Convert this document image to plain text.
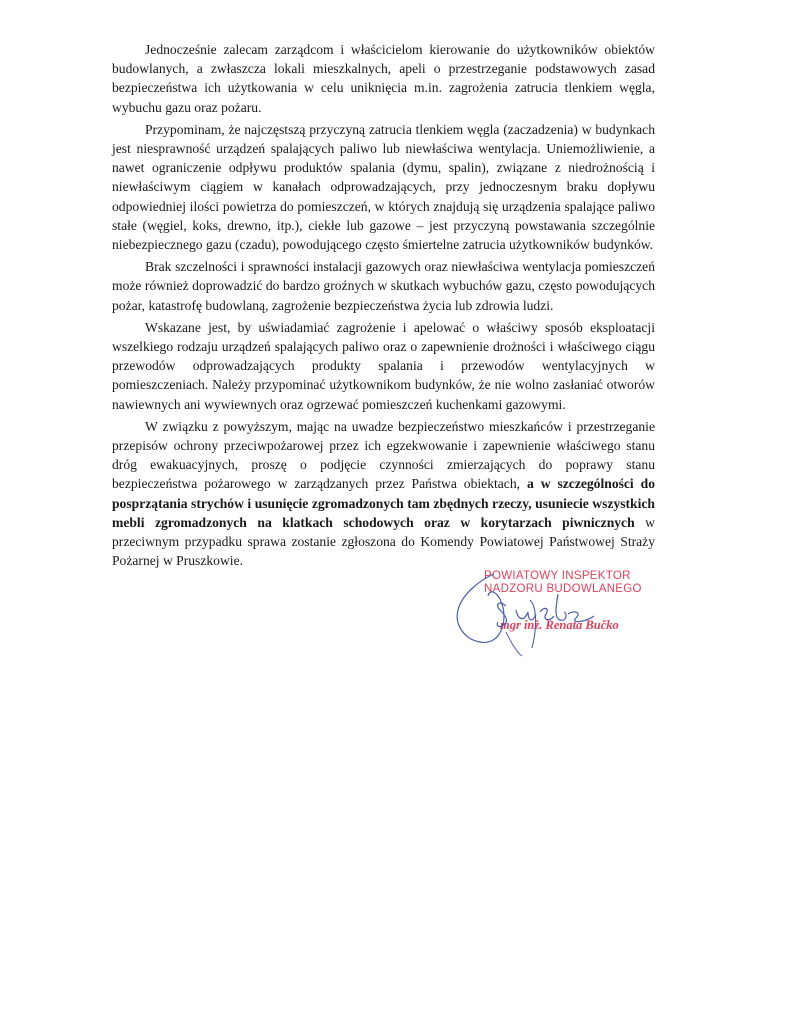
Jednocześnie zalecam zarządcom i właścicielom kierowanie do użytkowników obiektów budowlanych, a zwłaszcza lokali mieszkalnych, apeli o przestrzeganie podstawowych zasad bezpieczeństwa ich użytkowania w celu uniknięcia m.in. zagrożenia zatrucia tlenkiem węgla, wybuchu gazu oraz pożaru.

Przypominam, że najczęstszą przyczyną zatrucia tlenkiem węgla (zaczadzenia) w budynkach jest niesprawność urządzeń spalających paliwo lub niewłaściwa wentylacja. Uniemożliwienie, a nawet ograniczenie odpływu produktów spalania (dymu, spalin), związane z niedrożnością i niewłaściwym ciągiem w kanałach odprowadzających, przy jednoczesnym braku dopływu odpowiedniej ilości powietrza do pomieszczeń, w których znajdują się urządzenia spalające paliwo stałe (węgiel, koks, drewno, itp.), ciekłe lub gazowe – jest przyczyną powstawania szczególnie niebezpiecznego gazu (czadu), powodującego często śmiertelne zatrucia użytkowników budynków.

Brak szczelności i sprawności instalacji gazowych oraz niewłaściwa wentylacja pomieszczeń może również doprowadzić do bardzo groźnych w skutkach wybuchów gazu, często powodujących pożar, katastrofę budowlaną, zagrożenie bezpieczeństwa życia lub zdrowia ludzi.

Wskazane jest, by uświadamiać zagrożenie i apelować o właściwy sposób eksploatacji wszelkiego rodzaju urządzeń spalających paliwo oraz o zapewnienie drożności i właściwego ciągu przewodów odprowadzających produkty spalania i przewodów wentylacyjnych w pomieszczeniach. Należy przypominać użytkownikom budynków, że nie wolno zasłaniać otworów nawiewnych ani wywiewnych oraz ogrzewać pomieszczeń kuchenkami gazowymi.

W związku z powyższym, mając na uwadze bezpieczeństwo mieszkańców i przestrzeganie przepisów ochrony przeciwpożarowej przez ich egzekwowanie i zapewnienie właściwego stanu dróg ewakuacyjnych, proszę o podjęcie czynności zmierzających do poprawy stanu bezpieczeństwa pożarowego w zarządzanych przez Państwa obiektach, a w szczególności do posprzątania strychów i usunięcie zgromadzonych tam zbędnych rzeczy, usuniecie wszystkich mebli zgromadzonych na klatkach schodowych oraz w korytarzach piwnicznych w przeciwnym przypadku sprawa zostanie zgłoszona do Komendy Powiatowej Państwowej Straży Pożarnej w Pruszkowie.

POWIATOWY INSPEKTOR
NADZORU BUDOWLANEGO
mgr inż. Renata Bučko
